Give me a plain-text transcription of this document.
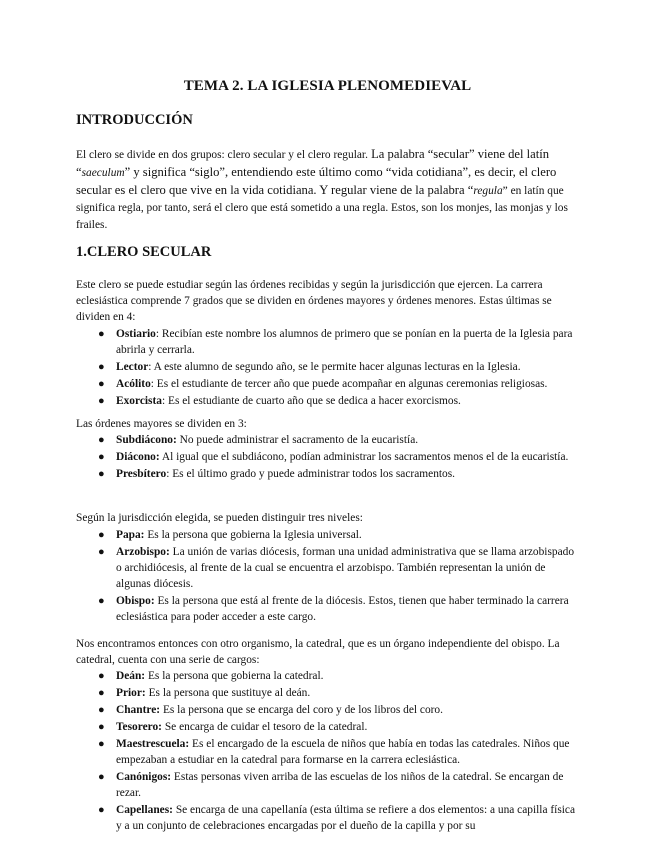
TEMA 2. LA IGLESIA PLENOMEDIEVAL
INTRODUCCIÓN
El clero se divide en dos grupos: clero secular y el clero regular. La palabra “secular” viene del latín “saeculum” y significa “siglo”, entendiendo este último como “vida cotidiana”, es decir, el clero secular es el clero que vive en la vida cotidiana. Y regular viene de la palabra “regula” en latín que significa regla, por tanto, será el clero que está sometido a una regla. Estos, son los monjes, las monjas y los frailes.
1.CLERO SECULAR
Este clero se puede estudiar según las órdenes recibidas y según la jurisdicción que ejercen. La carrera eclesiástica comprende 7 grados que se dividen en órdenes mayores y órdenes menores. Estas últimas se dividen en 4:
● Ostiario: Recibían este nombre los alumnos de primero que se ponían en la puerta de la Iglesia para abrirla y cerrarla.
● Lector: A este alumno de segundo año, se le permite hacer algunas lecturas en la Iglesia.
● Acólito: Es el estudiante de tercer año que puede acompañar en algunas ceremonias religiosas.
● Exorcista: Es el estudiante de cuarto año que se dedica a hacer exorcismos.
Las órdenes mayores se dividen en 3:
● Subdiácono: No puede administrar el sacramento de la eucaristía.
● Diácono: Al igual que el subdiácono, podían administrar los sacramentos menos el de la eucaristía.
● Presbítero: Es el último grado y puede administrar todos los sacramentos.
Según la jurisdicción elegida, se pueden distinguir tres niveles:
● Papa: Es la persona que gobierna la Iglesia universal.
● Arzobispo: La unión de varias diócesis, forman una unidad administrativa que se llama arzobispado o archidiócesis, al frente de la cual se encuentra el arzobispo. También representan la unión de algunas diócesis.
● Obispo: Es la persona que está al frente de la diócesis. Estos, tienen que haber terminado la carrera eclesiástica para poder acceder a este cargo.
Nos encontramos entonces con otro organismo, la catedral, que es un órgano independiente del obispo. La catedral, cuenta con una serie de cargos:
● Deán: Es la persona que gobierna la catedral.
● Prior: Es la persona que sustituye al deán.
● Chantre: Es la persona que se encarga del coro y de los libros del coro.
● Tesorero: Se encarga de cuidar el tesoro de la catedral.
● Maestrescuela: Es el encargado de la escuela de niños que había en todas las catedrales. Niños que empezaban a estudiar en la catedral para formarse en la carrera eclesiástica.
● Canónigos: Estas personas viven arriba de las escuelas de los niños de la catedral. Se encargan de rezar.
● Capellanes: Se encarga de una capellanía (esta última se refiere a dos elementos: a una capilla física y a un conjunto de celebraciones encargadas por el dueño de la capilla y por su
